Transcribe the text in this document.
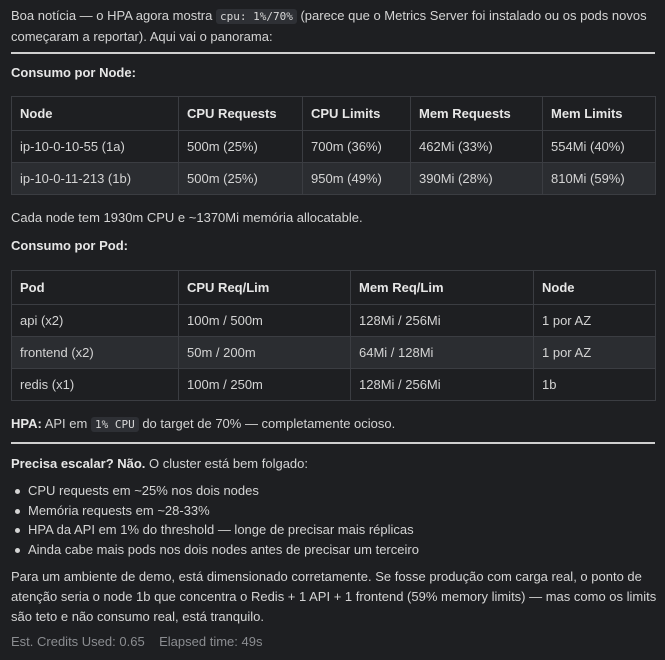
Boa notícia — o HPA agora mostra cpu: 1%/70% (parece que o Metrics Server foi instalado ou os pods novos
começaram a reportar). Aqui vai o panorama:

Consumo por Node:

Node	CPU Requests	CPU Limits	Mem Requests	Mem Limits
ip-10-0-10-55 (1a)	500m (25%)	700m (36%)	462Mi (33%)	554Mi (40%)
ip-10-0-11-213 (1b)	500m (25%)	950m (49%)	390Mi (28%)	810Mi (59%)

Cada node tem 1930m CPU e ~1370Mi memória allocatable.

Consumo por Pod:

Pod	CPU Req/Lim	Mem Req/Lim	Node
api (x2)	100m / 500m	128Mi / 256Mi	1 por AZ
frontend (x2)	50m / 200m	64Mi / 128Mi	1 por AZ
redis (x1)	100m / 250m	128Mi / 256Mi	1b

HPA: API em 1% CPU do target de 70% — completamente ocioso.

Precisa escalar? Não. O cluster está bem folgado:

CPU requests em ~25% nos dois nodes
Memória requests em ~28-33%
HPA da API em 1% do threshold — longe de precisar mais réplicas
Ainda cabe mais pods nos dois nodes antes de precisar um terceiro

Para um ambiente de demo, está dimensionado corretamente. Se fosse produção com carga real, o ponto de
atenção seria o node 1b que concentra o Redis + 1 API + 1 frontend (59% memory limits) — mas como os limits
são teto e não consumo real, está tranquilo.

Est. Credits Used: 0.65 Elapsed time: 49s
